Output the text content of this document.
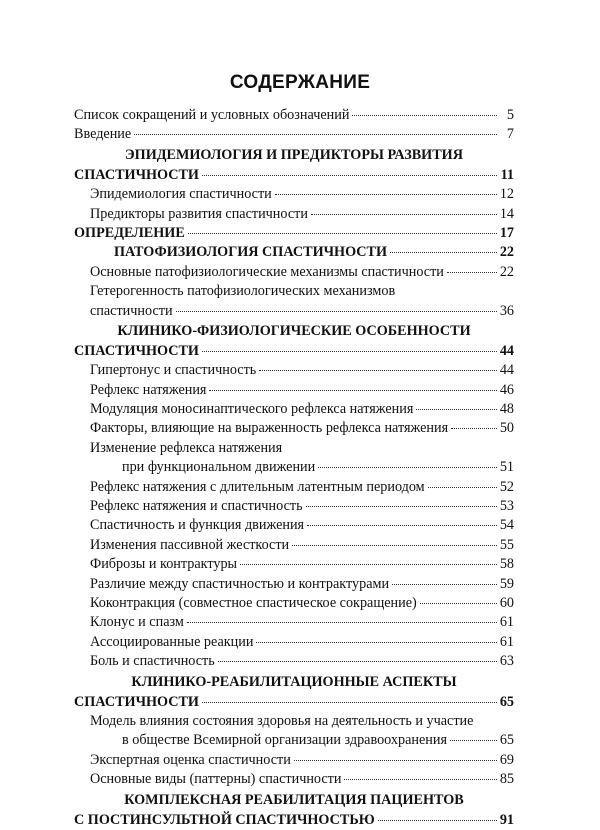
СОДЕРЖАНИЕ
Список сокращений и условных обозначений	5
Введение	7
ЭПИДЕМИОЛОГИЯ И ПРЕДИКТОРЫ РАЗВИТИЯ
СПАСТИЧНОСТИ	11
Эпидемиология спастичности	12
Предикторы развития спастичности	14
ОПРЕДЕЛЕНИЕ	17
ПАТОФИЗИОЛОГИЯ СПАСТИЧНОСТИ	22
Основные патофизиологические механизмы спастичности	22
Гетерогенность патофизиологических механизмов
спастичности	36
КЛИНИКО-ФИЗИОЛОГИЧЕСКИЕ ОСОБЕННОСТИ
СПАСТИЧНОСТИ	44
Гипертонус и спастичность	44
Рефлекс натяжения	46
Модуляция моносинаптического рефлекса натяжения	48
Факторы, влияющие на выраженность рефлекса натяжения	50
Изменение рефлекса натяжения
при функциональном движении	51
Рефлекс натяжения с длительным латентным периодом	52
Рефлекс натяжения и спастичность	53
Спастичность и функция движения	54
Изменения пассивной жесткости	55
Фиброзы и контрактуры	58
Различие между спастичностью и контрактурами	59
Коконтракция (совместное спастическое сокращение)	60
Клонус и спазм	61
Ассоциированные реакции	61
Боль и спастичность	63
КЛИНИКО-РЕАБИЛИТАЦИОННЫЕ АСПЕКТЫ
СПАСТИЧНОСТИ	65
Модель влияния состояния здоровья на деятельность и участие
в обществе Всемирной организации здравоохранения	65
Экспертная оценка спастичности	69
Основные виды (паттерны) спастичности	85
КОМПЛЕКСНАЯ РЕАБИЛИТАЦИЯ ПАЦИЕНТОВ
С ПОСТИНСУЛЬТНОЙ СПАСТИЧНОСТЬЮ	91
